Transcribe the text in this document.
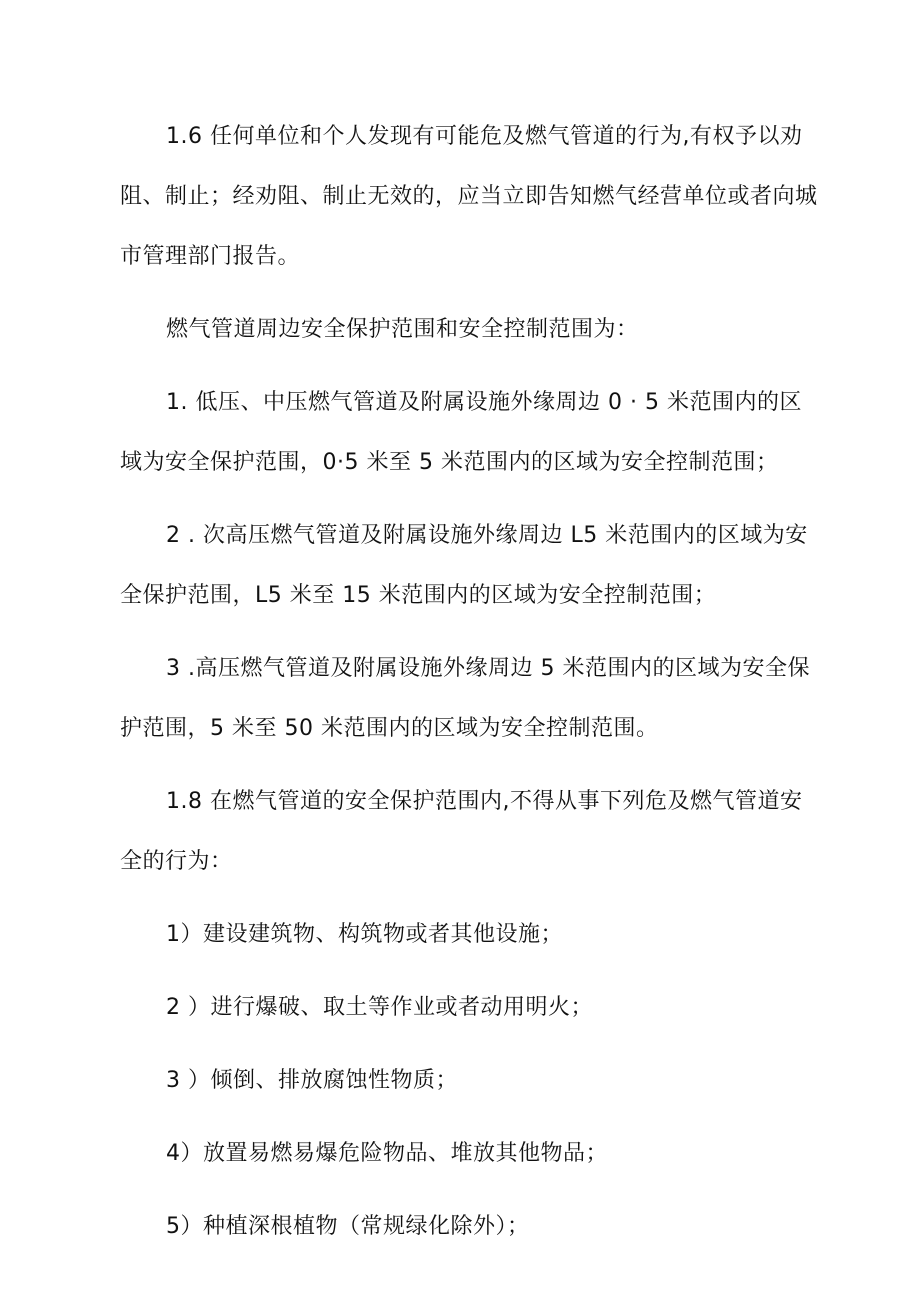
1.6 任何单位和个人发现有可能危及燃气管道的行为,有权予以劝阻、制止；经劝阻、制止无效的，应当立即告知燃气经营单位或者向城市管理部门报告。

燃气管道周边安全保护范围和安全控制范围为：

1. 低压、中压燃气管道及附属设施外缘周边 0 · 5 米范围内的区域为安全保护范围，0·5 米至 5 米范围内的区域为安全控制范围；

2 . 次高压燃气管道及附属设施外缘周边 L5 米范围内的区域为安全保护范围，L5 米至 15 米范围内的区域为安全控制范围；

3 .高压燃气管道及附属设施外缘周边 5 米范围内的区域为安全保护范围，5 米至 50 米范围内的区域为安全控制范围。

1.8 在燃气管道的安全保护范围内,不得从事下列危及燃气管道安全的行为：

1）建设建筑物、构筑物或者其他设施；

2 ）进行爆破、取土等作业或者动用明火；

3 ）倾倒、排放腐蚀性物质；

4）放置易燃易爆危险物品、堆放其他物品；

5）种植深根植物（常规绿化除外）；
